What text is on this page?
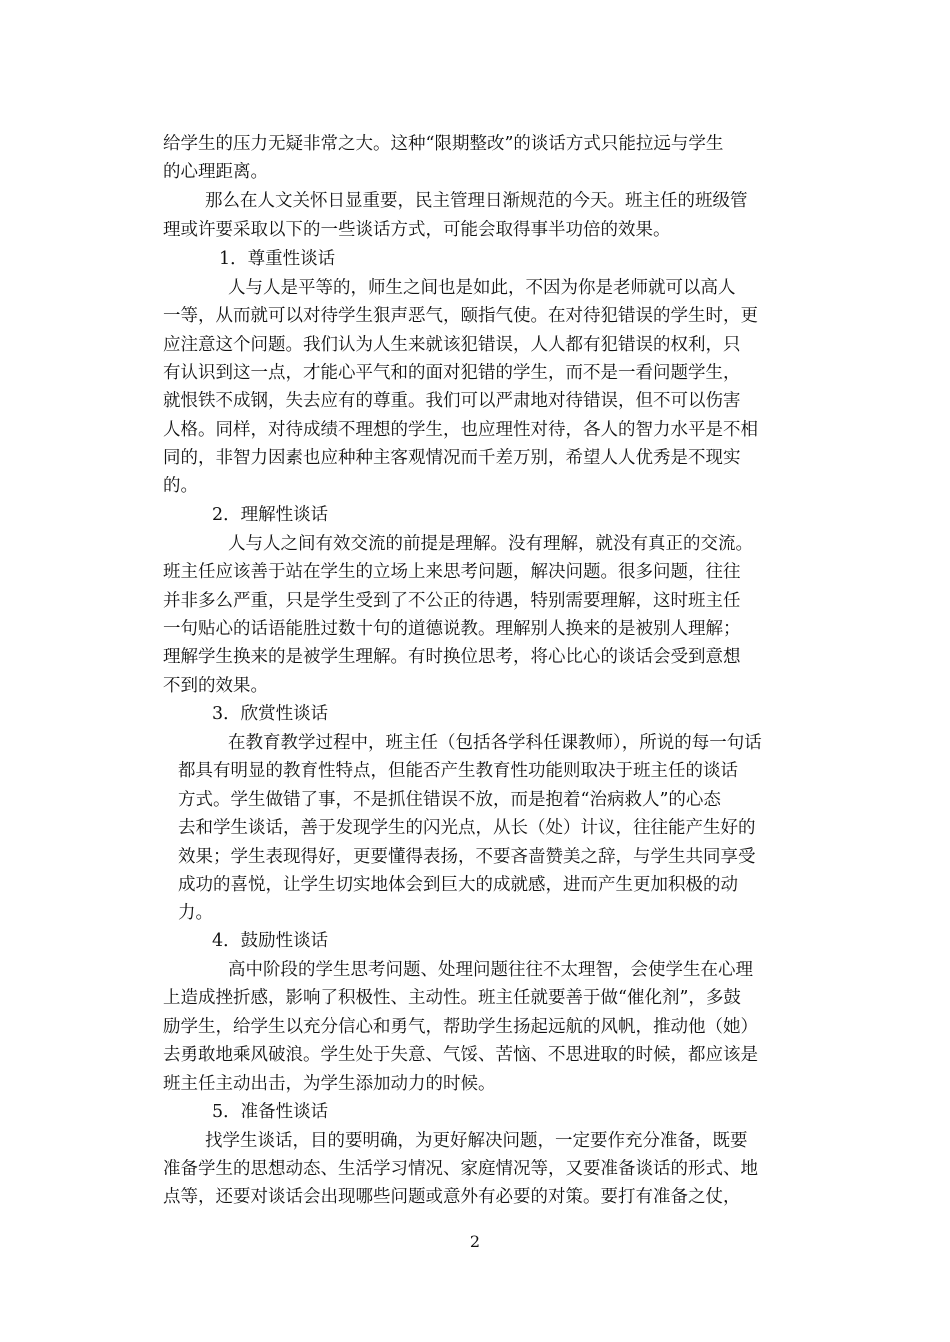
给学生的压力无疑非常之大。这种“限期整改”的谈话方式只能拉远与学生
的心理距离。
那么在人文关怀日显重要，民主管理日渐规范的今天。班主任的班级管
理或许要采取以下的一些谈话方式，可能会取得事半功倍的效果。
1．尊重性谈话
人与人是平等的，师生之间也是如此，不因为你是老师就可以高人
一等，从而就可以对待学生狠声恶气，颐指气使。在对待犯错误的学生时，更
应注意这个问题。我们认为人生来就该犯错误，人人都有犯错误的权利，只
有认识到这一点，才能心平气和的面对犯错的学生，而不是一看问题学生，
就恨铁不成钢，失去应有的尊重。我们可以严肃地对待错误，但不可以伤害
人格。同样，对待成绩不理想的学生，也应理性对待，各人的智力水平是不相
同的，非智力因素也应种种主客观情况而千差万别，希望人人优秀是不现实
的。
2．理解性谈话
人与人之间有效交流的前提是理解。没有理解，就没有真正的交流。
班主任应该善于站在学生的立场上来思考问题，解决问题。很多问题，往往
并非多么严重，只是学生受到了不公正的待遇，特别需要理解，这时班主任
一句贴心的话语能胜过数十句的道德说教。理解别人换来的是被别人理解；
理解学生换来的是被学生理解。有时换位思考，将心比心的谈话会受到意想
不到的效果。
3．欣赏性谈话
在教育教学过程中，班主任（包括各学科任课教师），所说的每一句话
都具有明显的教育性特点，但能否产生教育性功能则取决于班主任的谈话
方式。学生做错了事，不是抓住错误不放，而是抱着“治病救人”的心态
去和学生谈话，善于发现学生的闪光点，从长（处）计议，往往能产生好的
效果；学生表现得好，更要懂得表扬，不要吝啬赞美之辞，与学生共同享受
成功的喜悦，让学生切实地体会到巨大的成就感，进而产生更加积极的动
力。
4．鼓励性谈话
高中阶段的学生思考问题、处理问题往往不太理智，会使学生在心理
上造成挫折感，影响了积极性、主动性。班主任就要善于做“催化剂”，多鼓
励学生，给学生以充分信心和勇气，帮助学生扬起远航的风帆，推动他（她）
去勇敢地乘风破浪。学生处于失意、气馁、苦恼、不思进取的时候，都应该是
班主任主动出击，为学生添加动力的时候。
5．准备性谈话
找学生谈话，目的要明确，为更好解决问题，一定要作充分准备，既要
准备学生的思想动态、生活学习情况、家庭情况等，又要准备谈话的形式、地
点等，还要对谈话会出现哪些问题或意外有必要的对策。要打有准备之仗，
2
